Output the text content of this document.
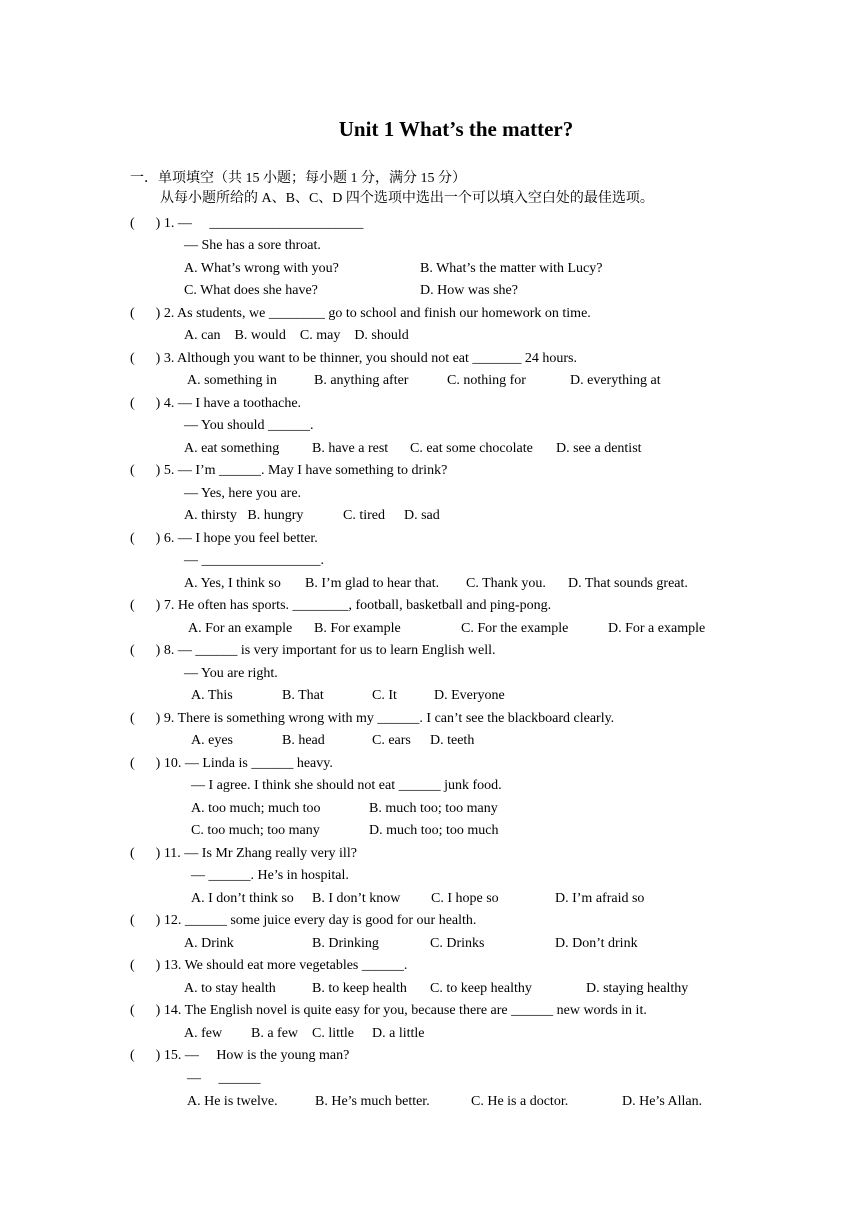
Unit 1 What’s the matter?
一．单项填空（共 15 小题；每小题 1 分，满分 15 分）
从每小题所给的 A、B、C、D 四个选项中选出一个可以填入空白处的最佳选项。
(      ) 1. —     ______________________
— She has a sore throat.
A. What’s wrong with you?	B. What’s the matter with Lucy?
C. What does she have?	D. How was she?
(      ) 2. As students, we ________ go to school and finish our homework on time.
A. can    B. would    C. may    D. should
(      ) 3. Although you want to be thinner, you should not eat _______ 24 hours.
A. something in	B. anything after	C. nothing for	D. everything at
(      ) 4. — I have a toothache.
— You should ______.
A. eat something B. have a rest C. eat some chocolate D. see a dentist
(      ) 5. — I’m ______. May I have something to drink?
— Yes, here you are.
A. thirsty   B. hungry	C. tired D. sad
(      ) 6. — I hope you feel better.
— _________________.
A. Yes, I think so B. I’m glad to hear that. C. Thank you. D. That sounds great.
(      ) 7. He often has sports. ________, football, basketball and ping-pong.
A. For an example B. For example	C. For the example	D. For a example
(      ) 8. — ______ is very important for us to learn English well.
— You are right.
A. This	B. That	C. It	D. Everyone
(      ) 9. There is something wrong with my ______. I can’t see the blackboard clearly.
A. eyes	B. head	C. ears D. teeth
(      ) 10. — Linda is ______ heavy.
— I agree. I think she should not eat ______ junk food.
A. too much; much too	B. much too; too many
C. too much; too many	D. much too; too much
(      ) 11. — Is Mr Zhang really very ill?
— ______. He’s in hospital.
A. I don’t think so B. I don’t know C. I hope so	D. I’m afraid so
(      ) 12. ______ some juice every day is good for our health.
A. Drink	B. Drinking	C. Drinks	D. Don’t drink
(      ) 13. We should eat more vegetables ______.
A. to stay health	B. to keep health C. to keep healthy	D. staying healthy
(      ) 14. The English novel is quite easy for you, because there are ______ new words in it.
A. few B. a few C. little D. a little
(      ) 15. —     How is the young man?
—     ______
A. He is twelve.	B. He’s much better.	C. He is a doctor.	D. He’s Allan.
